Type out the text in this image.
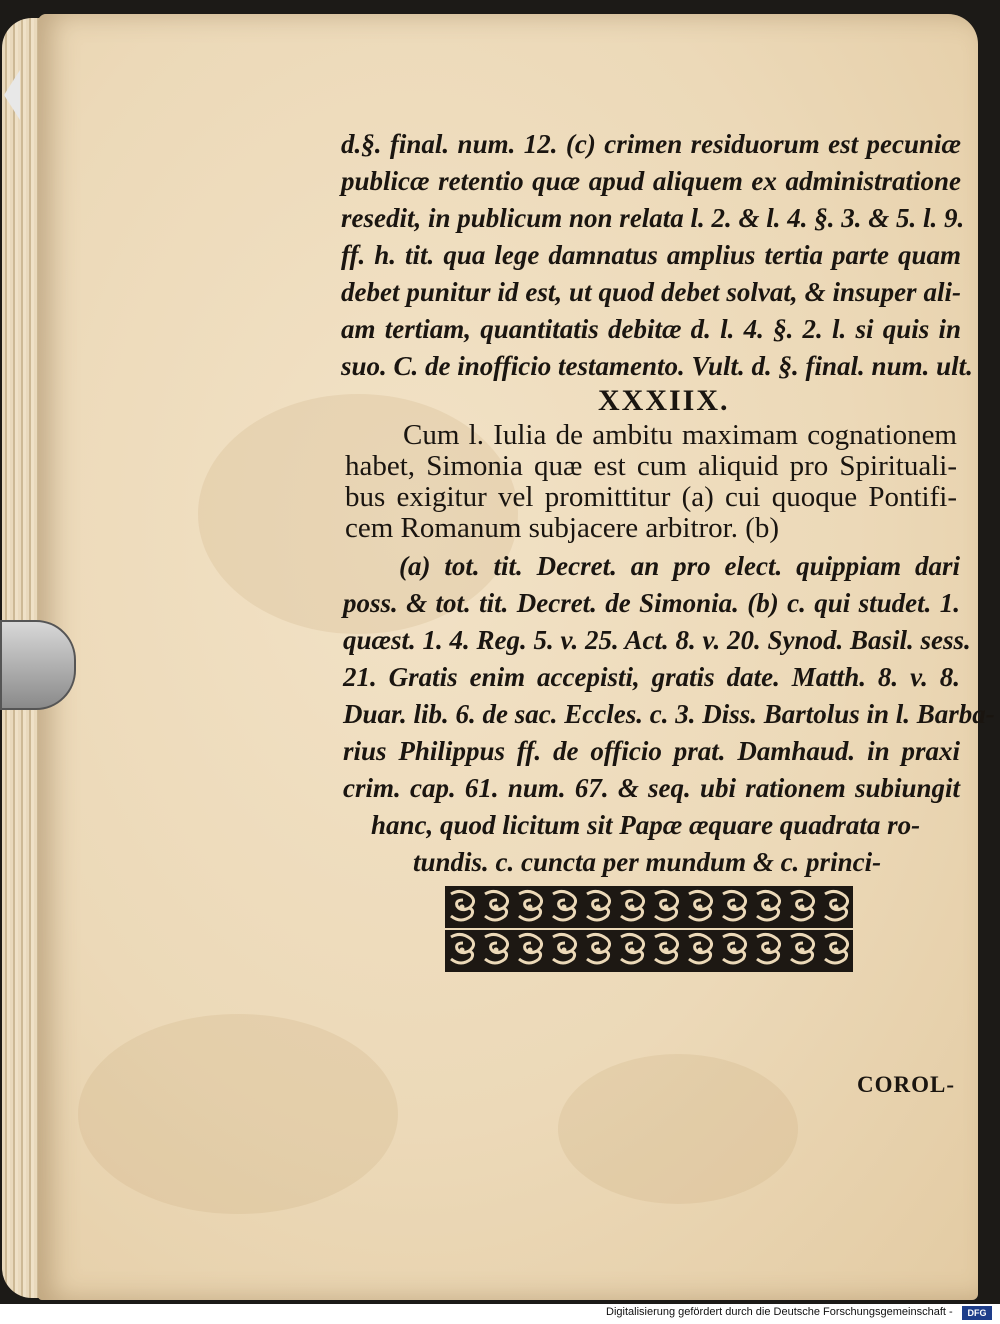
d.§. final. num. 12. (c) crimen residuorum est pecuniæ
publicæ retentio quæ apud aliquem ex administratione
resedit, in publicum non relata l. 2. & l. 4. §. 3. & 5. l. 9.
ff. h. tit. qua lege damnatus amplius tertia parte quam
debet punitur id est, ut quod debet solvat, & insuper ali-
am tertiam, quantitatis debitæ d. l. 4. §. 2. l. si quis in
suo. C. de inofficio testamento. Vult. d. §. final. num. ult.
XXXIIX.
Cum l. Iulia de ambitu maximam cognationem
habet, Simonia quæ est cum aliquid pro Spirituali-
bus exigitur vel promittitur (a) cui quoque Pontifi-
cem Romanum subjacere arbitror. (b)
(a) tot. tit. Decret. an pro elect. quippiam dari
poss. & tot. tit. Decret. de Simonia. (b) c. qui studet. 1.
quæst. 1. 4. Reg. 5. v. 25. Act. 8. v. 20. Synod. Basil. sess.
21. Gratis enim accepisti, gratis date. Matth. 8. v. 8.
Duar. lib. 6. de sac. Eccles. c. 3. Diss. Bartolus in l. Barba-
rius Philippus ff. de officio prat. Damhaud. in praxi
crim. cap. 61. num. 67. & seq. ubi rationem subiungit
hanc, quod licitum sit Papæ æquare quadrata ro-
tundis. c. cuncta per mundum & c. princi-
COROL-
Digitalisierung gefördert durch die Deutsche Forschungsgemeinschaft -	DFG
